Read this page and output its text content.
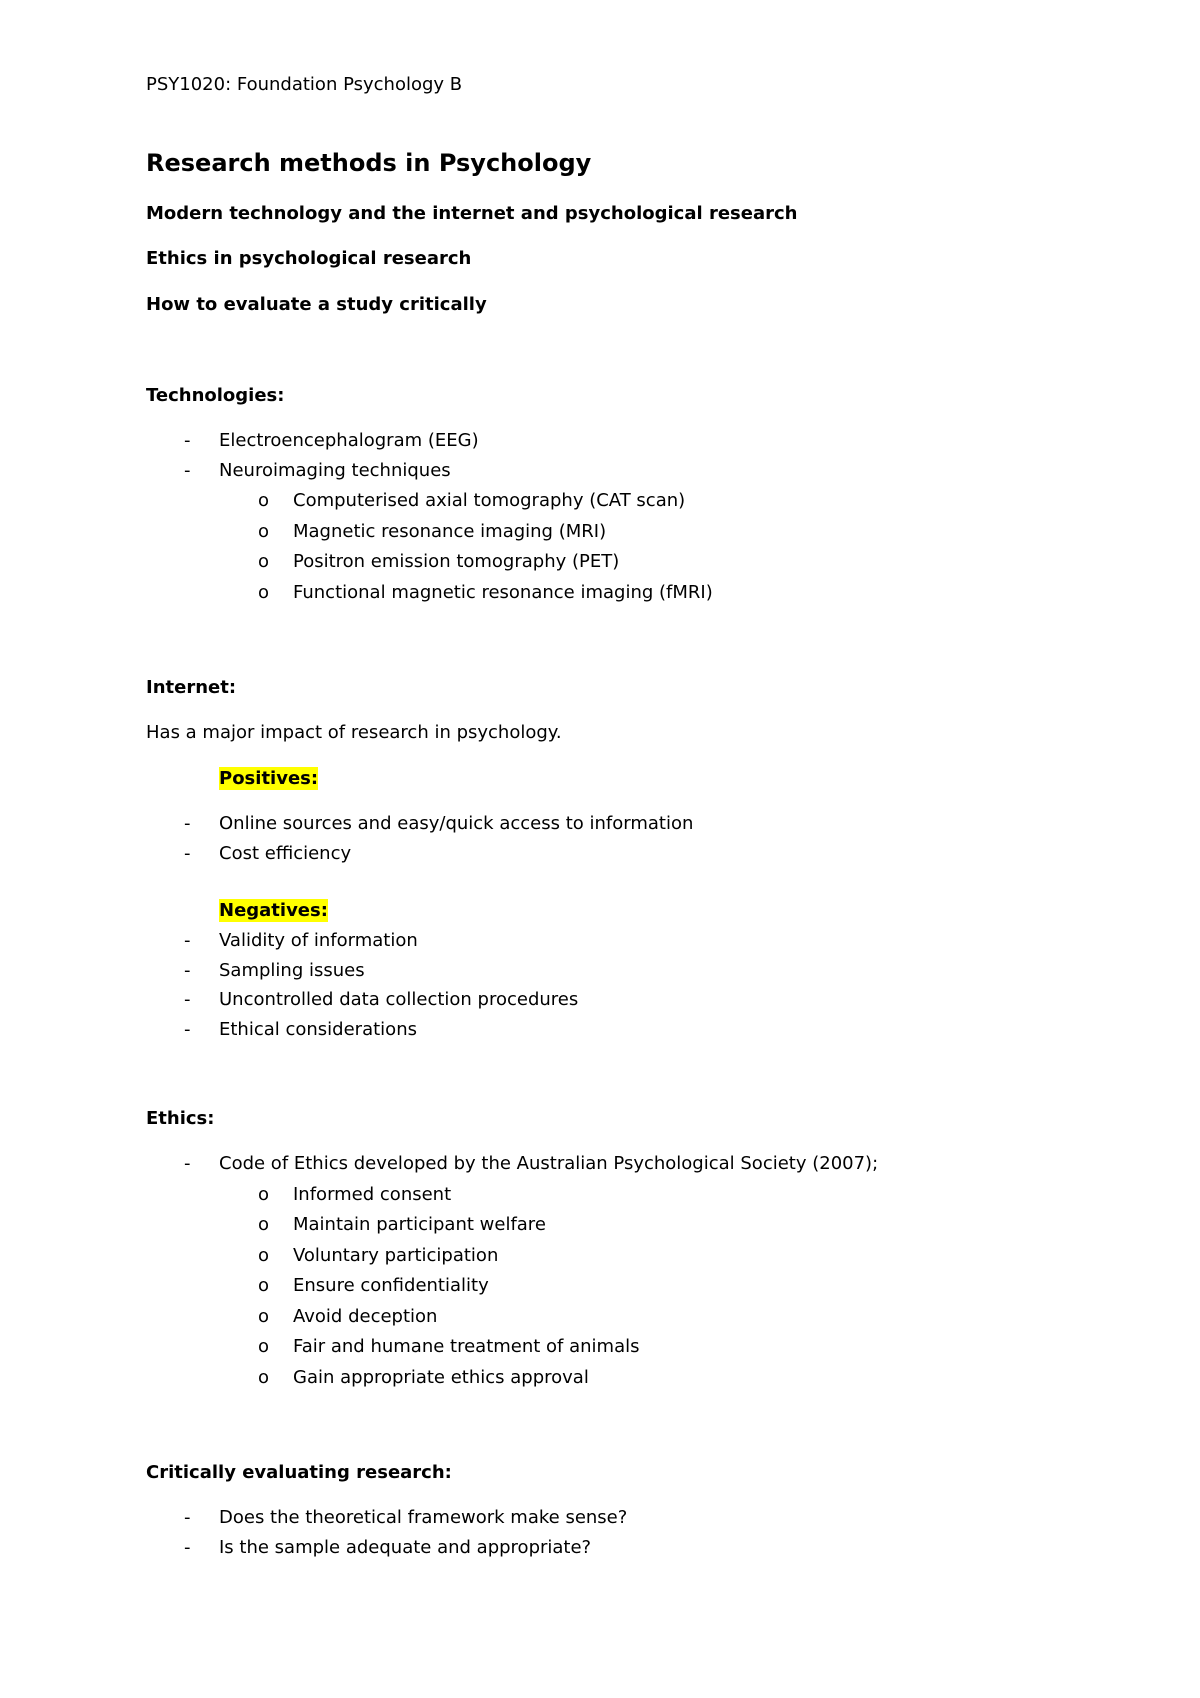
PSY1020: Foundation Psychology B
Research methods in Psychology
Modern technology and the internet and psychological research
Ethics in psychological research
How to evaluate a study critically
Technologies:
- Electroencephalogram (EEG)
- Neuroimaging techniques
o Computerised axial tomography (CAT scan)
o Magnetic resonance imaging (MRI)
o Positron emission tomography (PET)
o Functional magnetic resonance imaging (fMRI)
Internet:
Has a major impact of research in psychology.
Positives:
- Online sources and easy/quick access to information
- Cost efficiency
Negatives:
- Validity of information
- Sampling issues
- Uncontrolled data collection procedures
- Ethical considerations
Ethics:
- Code of Ethics developed by the Australian Psychological Society (2007);
o Informed consent
o Maintain participant welfare
o Voluntary participation
o Ensure confidentiality
o Avoid deception
o Fair and humane treatment of animals
o Gain appropriate ethics approval
Critically evaluating research:
- Does the theoretical framework make sense?
- Is the sample adequate and appropriate?
